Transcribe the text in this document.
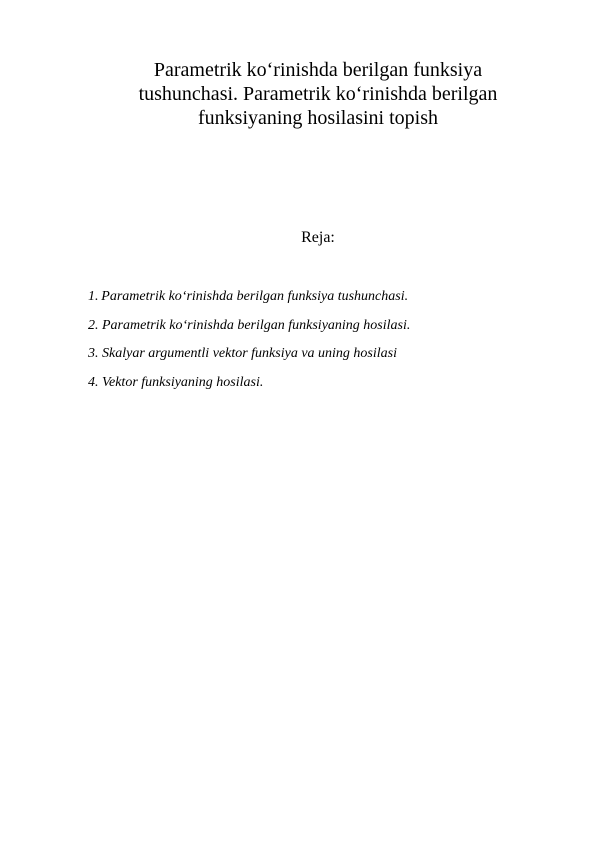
Parametrik ko‘rinishda berilgan funksiya
tushunchasi. Parametrik ko‘rinishda berilgan
funksiyaning hosilasini topish

Reja:

1. Parametrik ko‘rinishda berilgan funksiya tushunchasi.
2. Parametrik ko‘rinishda berilgan funksiyaning hosilasi.
3. Skalyar argumentli vektor funksiya va uning hosilasi
4. Vektor funksiyaning hosilasi.
